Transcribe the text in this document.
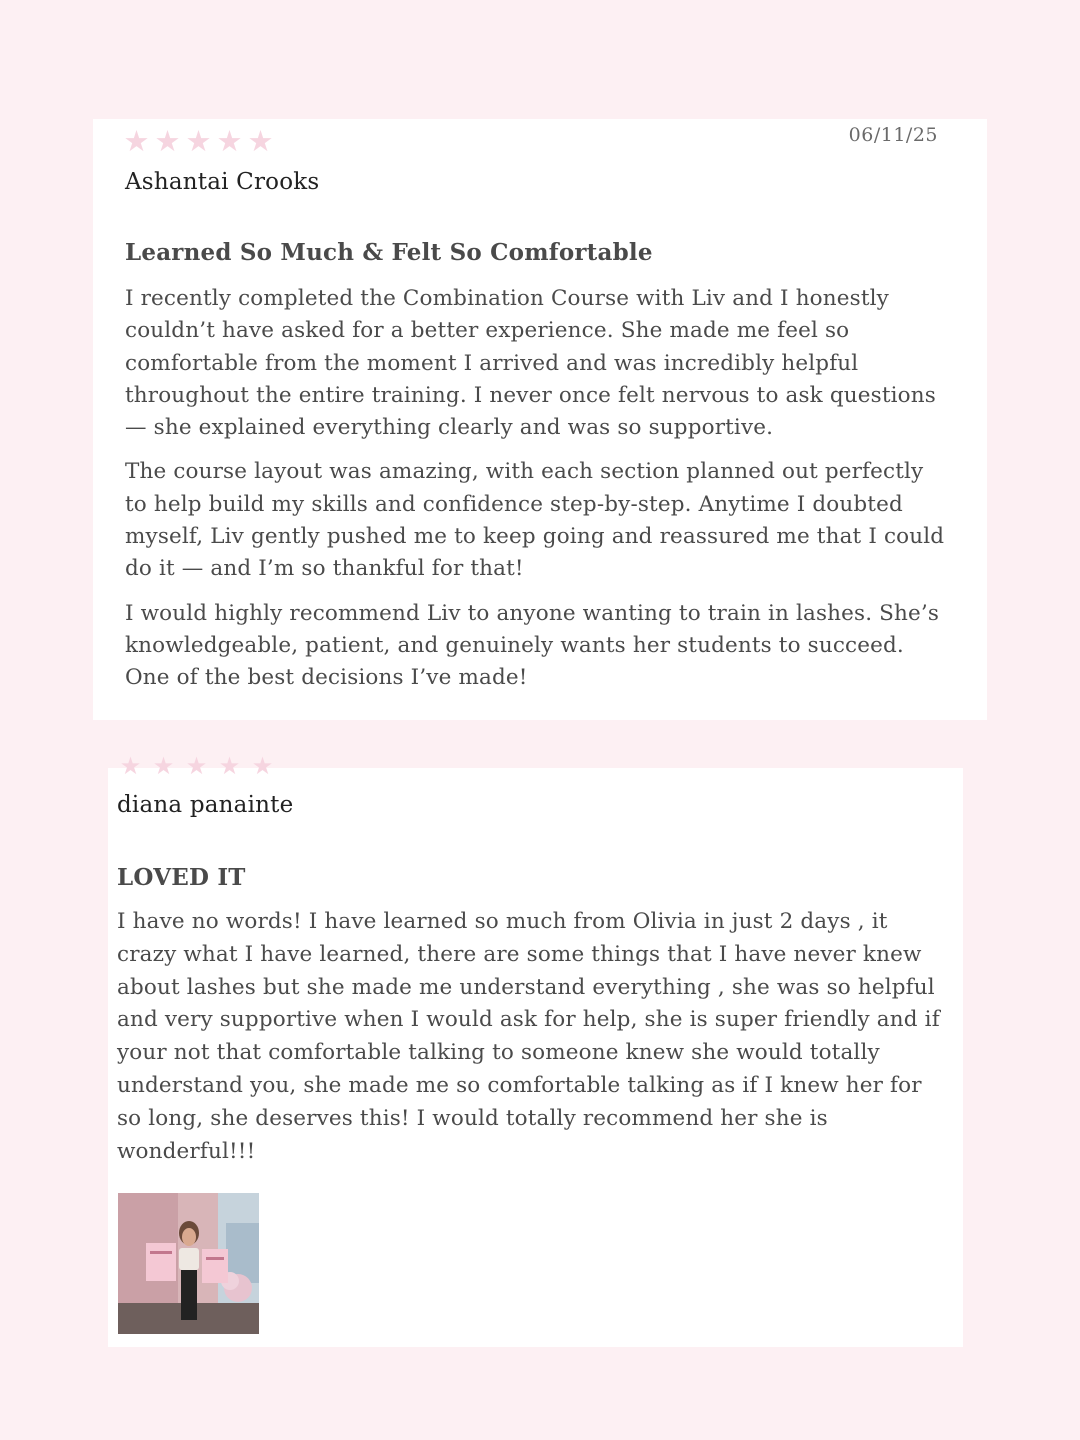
★ ★ ★ ★ ★	06/11/25
Ashantai Crooks
Learned So Much & Felt So Comfortable

I recently completed the Combination Course with Liv and I honestly couldn’t have asked for a better experience. She made me feel so comfortable from the moment I arrived and was incredibly helpful throughout the entire training. I never once felt nervous to ask questions — she explained everything clearly and was so supportive.

The course layout was amazing, with each section planned out perfectly to help build my skills and confidence step-by-step. Anytime I doubted myself, Liv gently pushed me to keep going and reassured me that I could do it — and I’m so thankful for that!

I would highly recommend Liv to anyone wanting to train in lashes. She’s knowledgeable, patient, and genuinely wants her students to succeed. One of the best decisions I’ve made!

★ ★ ★ ★ ★
diana panainte
LOVED IT

I have no words! I have learned so much from Olivia in just 2 days , it crazy what I have learned, there are some things that I have never knew about lashes but she made me understand everything , she was so helpful and very supportive when I would ask for help, she is super friendly and if your not that comfortable talking to someone knew she would totally understand you, she made me so comfortable talking as if I knew her for so long, she deserves this! I would totally recommend her she is wonderful!!!
